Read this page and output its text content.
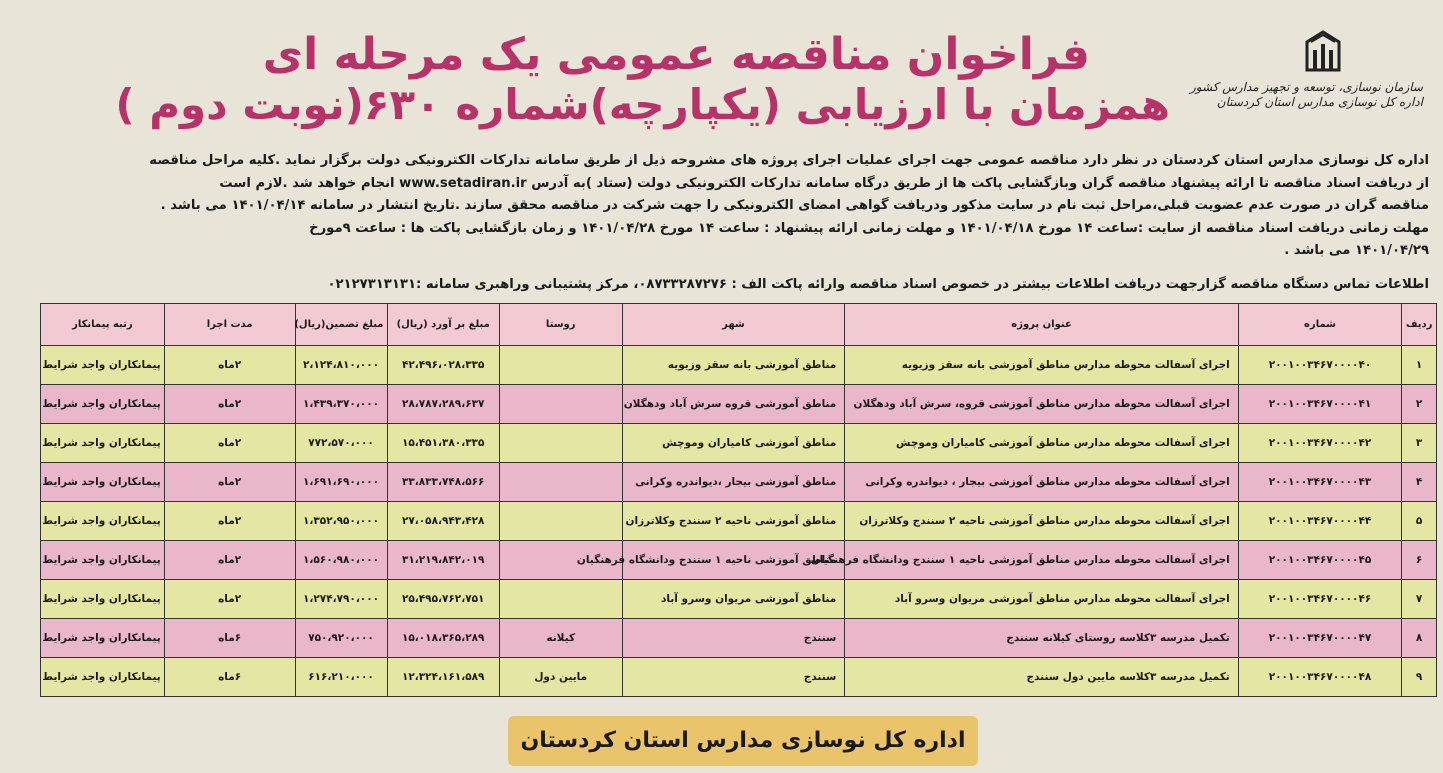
سازمان نوسازی، توسعه و تجهیز مدارس کشور
اداره کل نوسازی مدارس استان کردستان
فراخوان مناقصه عمومی یک مرحله ای
همزمان با ارزیابی (یکپارچه)شماره ۶۳۰(نوبت دوم )

اداره کل نوسازی مدارس استان کردستان در نظر دارد مناقصه عمومی جهت اجرای عملیات اجرای پروژه های مشروحه ذیل از طریق سامانه تدارکات الکترونیکی دولت برگزار نماید .کلیه مراحل مناقصه

از دریافت اسناد مناقصه تا ارائه پیشنهاد مناقصه گران وبازگشایی پاکت ها از طریق درگاه سامانه تدارکات الکترونیکی دولت (ستاد )به آدرس www.setadiran.ir انجام خواهد شد .لازم است

مناقصه گران در صورت عدم عضویت قبلی،مراحل ثبت نام در سایت مذکور ودریافت گواهی امضای الکترونیکی را جهت شرکت در مناقصه محقق سازند .تاریخ انتشار در سامانه ۱۴۰۱/۰۴/۱۴ می باشد .

مهلت زمانی دریافت اسناد مناقصه از سایت :ساعت ۱۴ مورخ ۱۴۰۱/۰۴/۱۸ و مهلت زمانی ارائه پیشنهاد : ساعت ۱۴ مورخ ۱۴۰۱/۰۴/۲۸ و زمان بازگشایی پاکت ها : ساعت ۹مورخ

۱۴۰۱/۰۴/۲۹ می باشد .

اطلاعات تماس دستگاه مناقصه گزارجهت دریافت اطلاعات بیشتر در خصوص اسناد مناقصه وارائه پاکت الف : ۰۸۷۳۳۲۸۷۲۷۶، مرکز پشتیبانی وراهبری سامانه :۰۲۱۲۷۳۱۳۱۳۱
ردیف	شماره	عنوان پروژه	شهر	روستا	مبلغ بر آورد (ریال)	مبلغ تضمین(ریال)	مدت اجرا	رتبه پیمانکار
۱	۲۰۰۱۰۰۳۴۶۷۰۰۰۰۴۰	اجرای آسفالت محوطه مدارس مناطق آموزشی بانه سقز وزیویه	مناطق آموزشی بانه سقز وزیویه		۴۲،۴۹۶،۰۲۸،۳۳۵	۲،۱۲۴،۸۱۰،۰۰۰	۲ماه	پیمانکاران واجد شرایط
۲	۲۰۰۱۰۰۳۴۶۷۰۰۰۰۴۱	اجرای آسفالت محوطه مدارس مناطق آموزشی قروه، سرش آباد ودهگلان	مناطق آموزشی قروه سرش آباد ودهگلان		۲۸،۷۸۷،۲۸۹،۶۳۷	۱،۴۳۹،۳۷۰،۰۰۰	۲ماه	پیمانکاران واجد شرایط
۳	۲۰۰۱۰۰۳۴۶۷۰۰۰۰۴۲	اجرای آسفالت محوطه مدارس مناطق آموزشی کامیاران وموچش	مناطق آموزشی کامیاران وموچش		۱۵،۴۵۱،۳۸۰،۳۳۵	۷۷۲،۵۷۰،۰۰۰	۲ماه	پیمانکاران واجد شرایط
۴	۲۰۰۱۰۰۳۴۶۷۰۰۰۰۴۳	اجرای آسفالت محوطه مدارس مناطق آموزشی بیجار ، دیواندره وکرانی	مناطق آموزشی بیجار ،دیواندره وکرانی		۳۳،۸۳۳،۷۴۸،۵۶۶	۱،۶۹۱،۶۹۰،۰۰۰	۲ماه	پیمانکاران واجد شرایط
۵	۲۰۰۱۰۰۳۴۶۷۰۰۰۰۴۴	اجرای آسفالت محوطه مدارس مناطق آموزشی ناحیه ۲ سنندج وکلاترزان	مناطق آموزشی ناحیه ۲ سنندج وکلاترزان		۲۷،۰۵۸،۹۴۳،۴۲۸	۱،۳۵۲،۹۵۰،۰۰۰	۲ماه	پیمانکاران واجد شرایط
۶	۲۰۰۱۰۰۳۴۶۷۰۰۰۰۴۵	اجرای آسفالت محوطه مدارس مناطق آموزشی ناحیه ۱ سنندج ودانشگاه فرهنگیان	مناطق آموزشی ناحیه ۱ سنندج ودانشگاه فرهنگیان		۳۱،۲۱۹،۸۴۲،۰۱۹	۱،۵۶۰،۹۸۰،۰۰۰	۲ماه	پیمانکاران واجد شرایط
۷	۲۰۰۱۰۰۳۴۶۷۰۰۰۰۴۶	اجرای آسفالت محوطه مدارس مناطق آموزشی مریوان وسرو آباد	مناطق آموزشی مریوان وسرو آباد		۲۵،۴۹۵،۷۶۲،۷۵۱	۱،۲۷۴،۷۹۰،۰۰۰	۲ماه	پیمانکاران واجد شرایط
۸	۲۰۰۱۰۰۳۴۶۷۰۰۰۰۴۷	تکمیل مدرسه ۳کلاسه روستای کیلانه سنندج	سنندج	کیلانه	۱۵،۰۱۸،۳۶۵،۲۸۹	۷۵۰،۹۲۰،۰۰۰	۶ماه	پیمانکاران واجد شرایط
۹	۲۰۰۱۰۰۳۴۶۷۰۰۰۰۴۸	تکمیل مدرسه ۳کلاسه مایین دول سنندج	سنندج	مایین دول	۱۲،۳۲۴،۱۶۱،۵۸۹	۶۱۶،۲۱۰،۰۰۰	۶ماه	پیمانکاران واجد شرایط
اداره کل نوسازی مدارس استان کردستان
